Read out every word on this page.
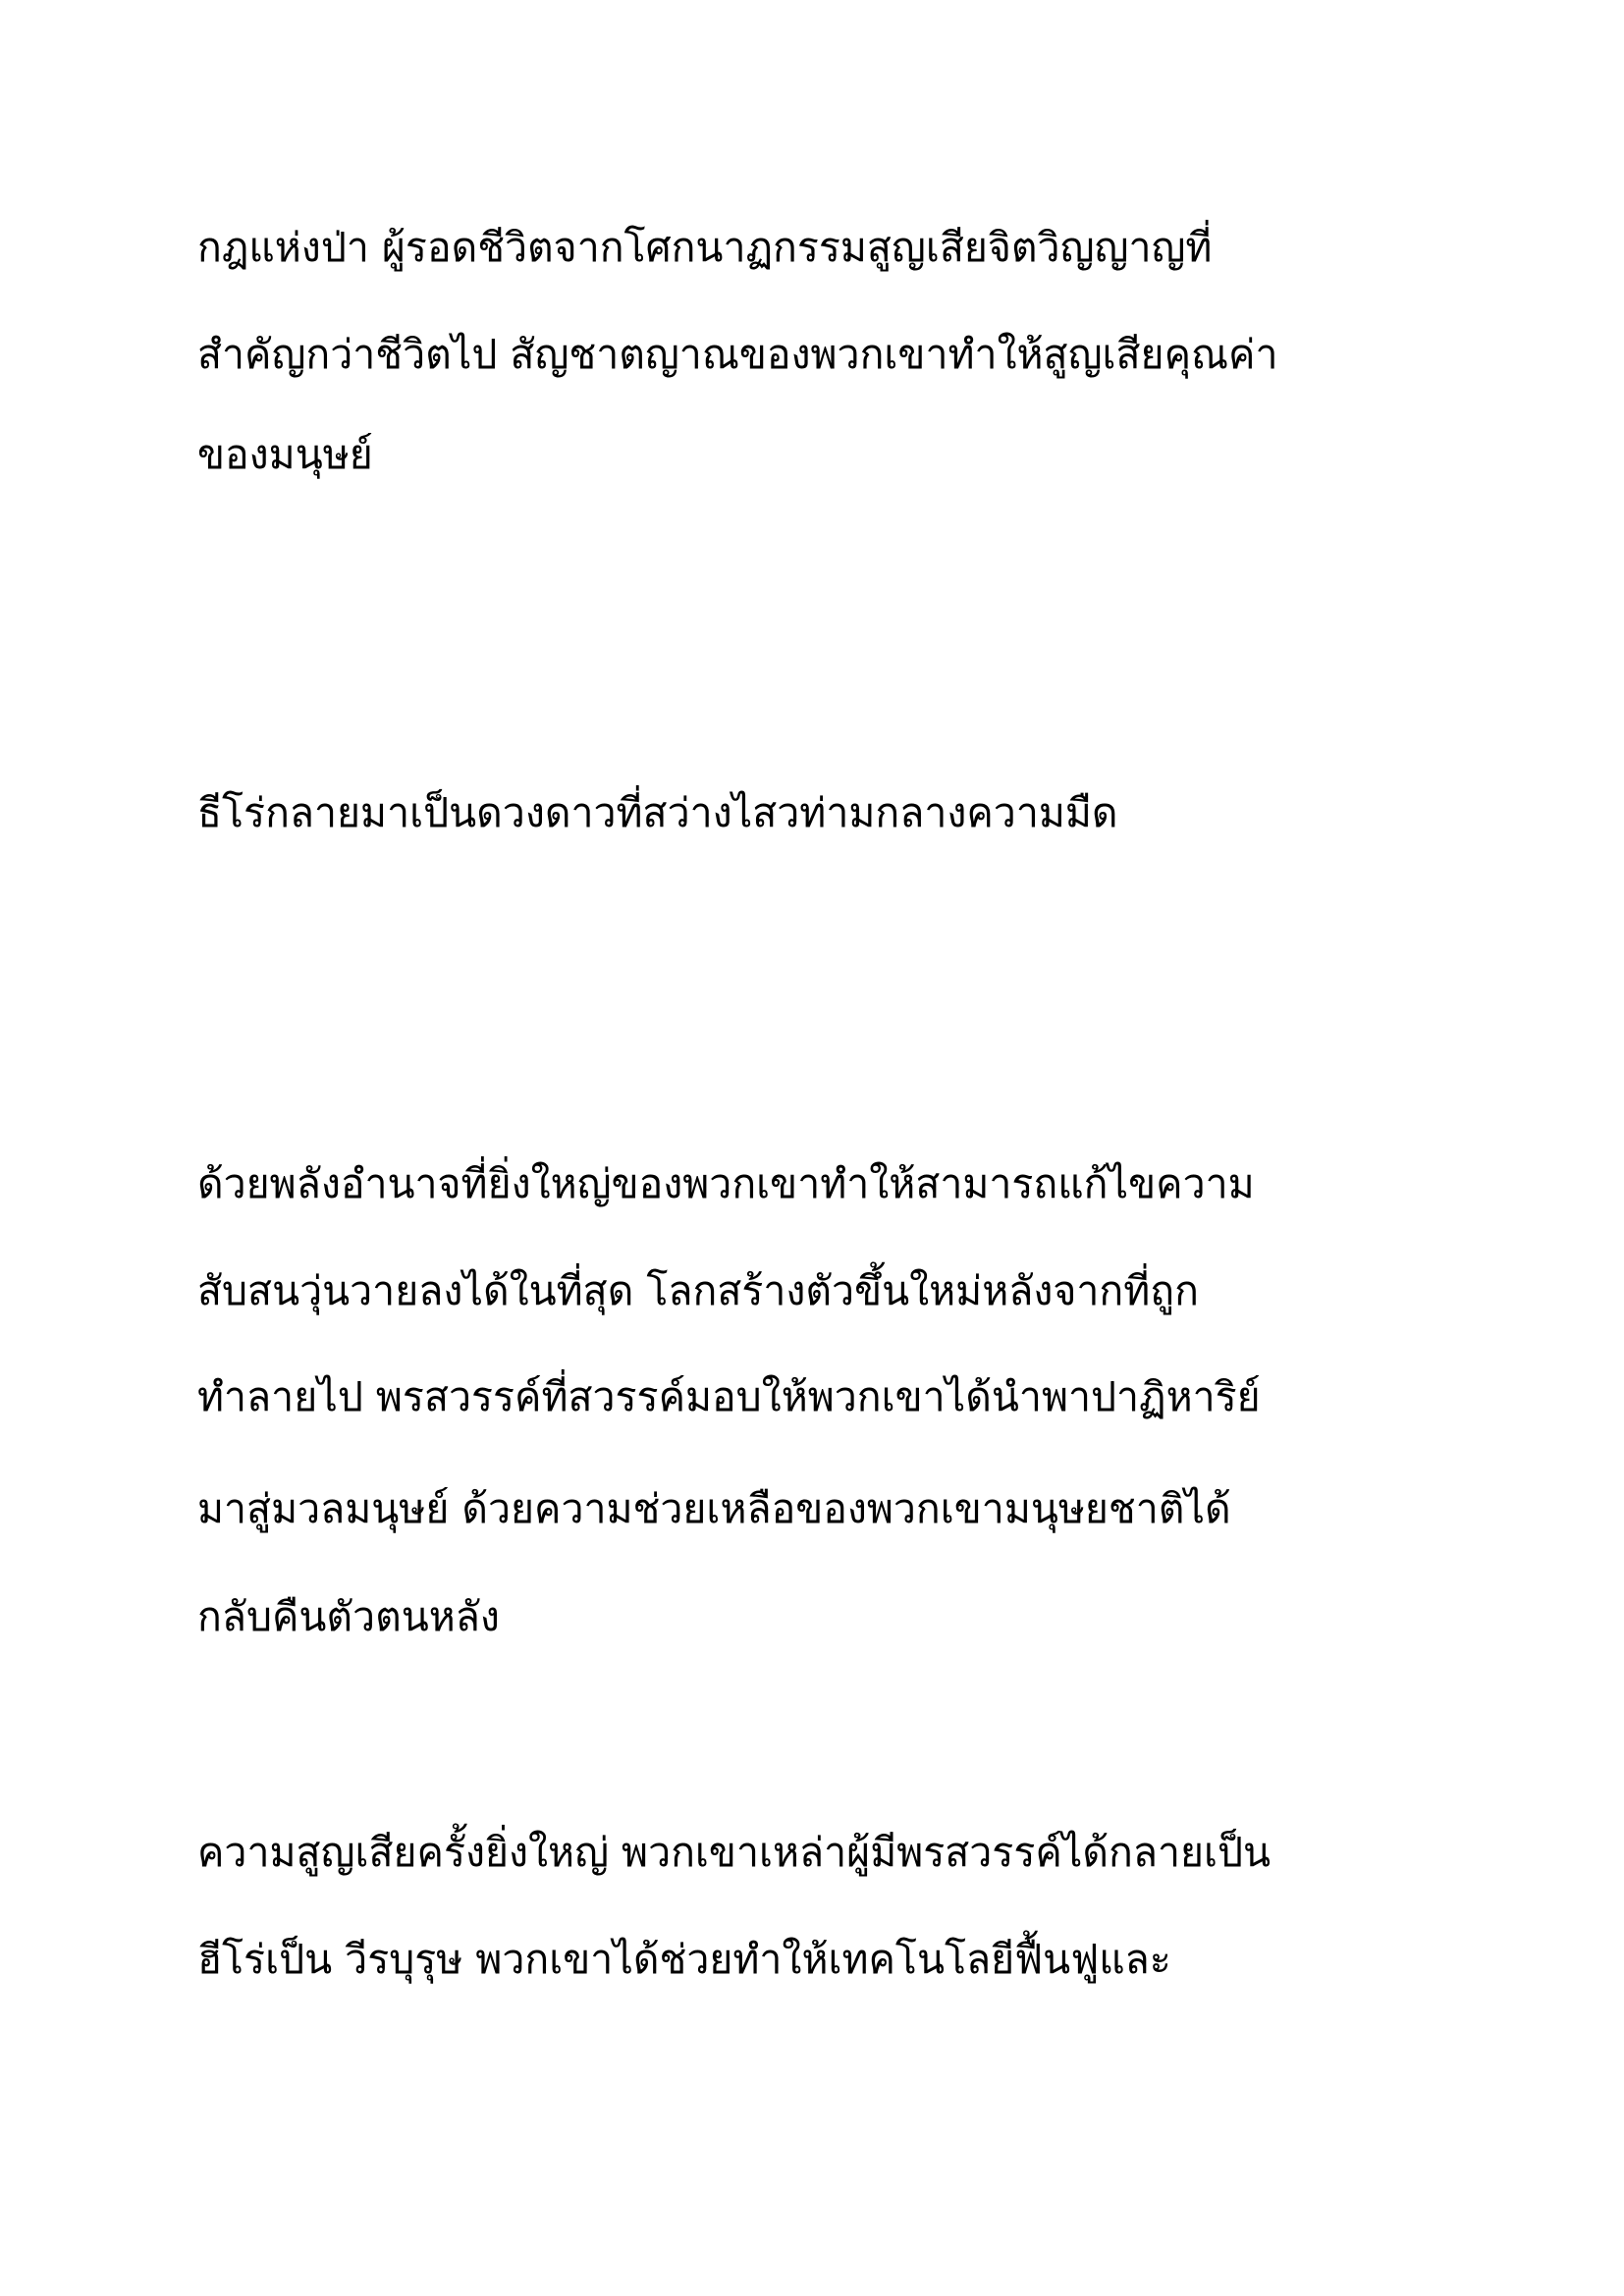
กฎแห่งป่า ผู้รอดชีวิตจากโศกนาฏกรรมสูญเสียจิตวิญญาญที่
สำคัญกว่าชีวิตไป สัญชาตญาณของพวกเขาทำให้สูญเสียคุณค่า
ของมนุษย์
ธีโร่กลายมาเป็นดวงดาวที่สว่างไสวท่ามกลางความมืด
ด้วยพลังอำนาจที่ยิ่งใหญ่ของพวกเขาทำให้สามารถแก้ไขความ
สับสนวุ่นวายลงได้ในที่สุด โลกสร้างตัวขึ้นใหม่หลังจากที่ถูก
ทำลายไป พรสวรรค์ที่สวรรค์มอบให้พวกเขาได้นำพาปาฏิหาริย์
มาสู่มวลมนุษย์ ด้วยความช่วยเหลือของพวกเขามนุษยชาติได้
กลับคืนตัวตนหลัง
ความสูญเสียครั้งยิ่งใหญ่ พวกเขาเหล่าผู้มีพรสวรรค์ได้กลายเป็น
ฮีโร่เป็น วีรบุรุษ พวกเขาได้ช่วยทำให้เทคโนโลยีฟื้นฟูและ
